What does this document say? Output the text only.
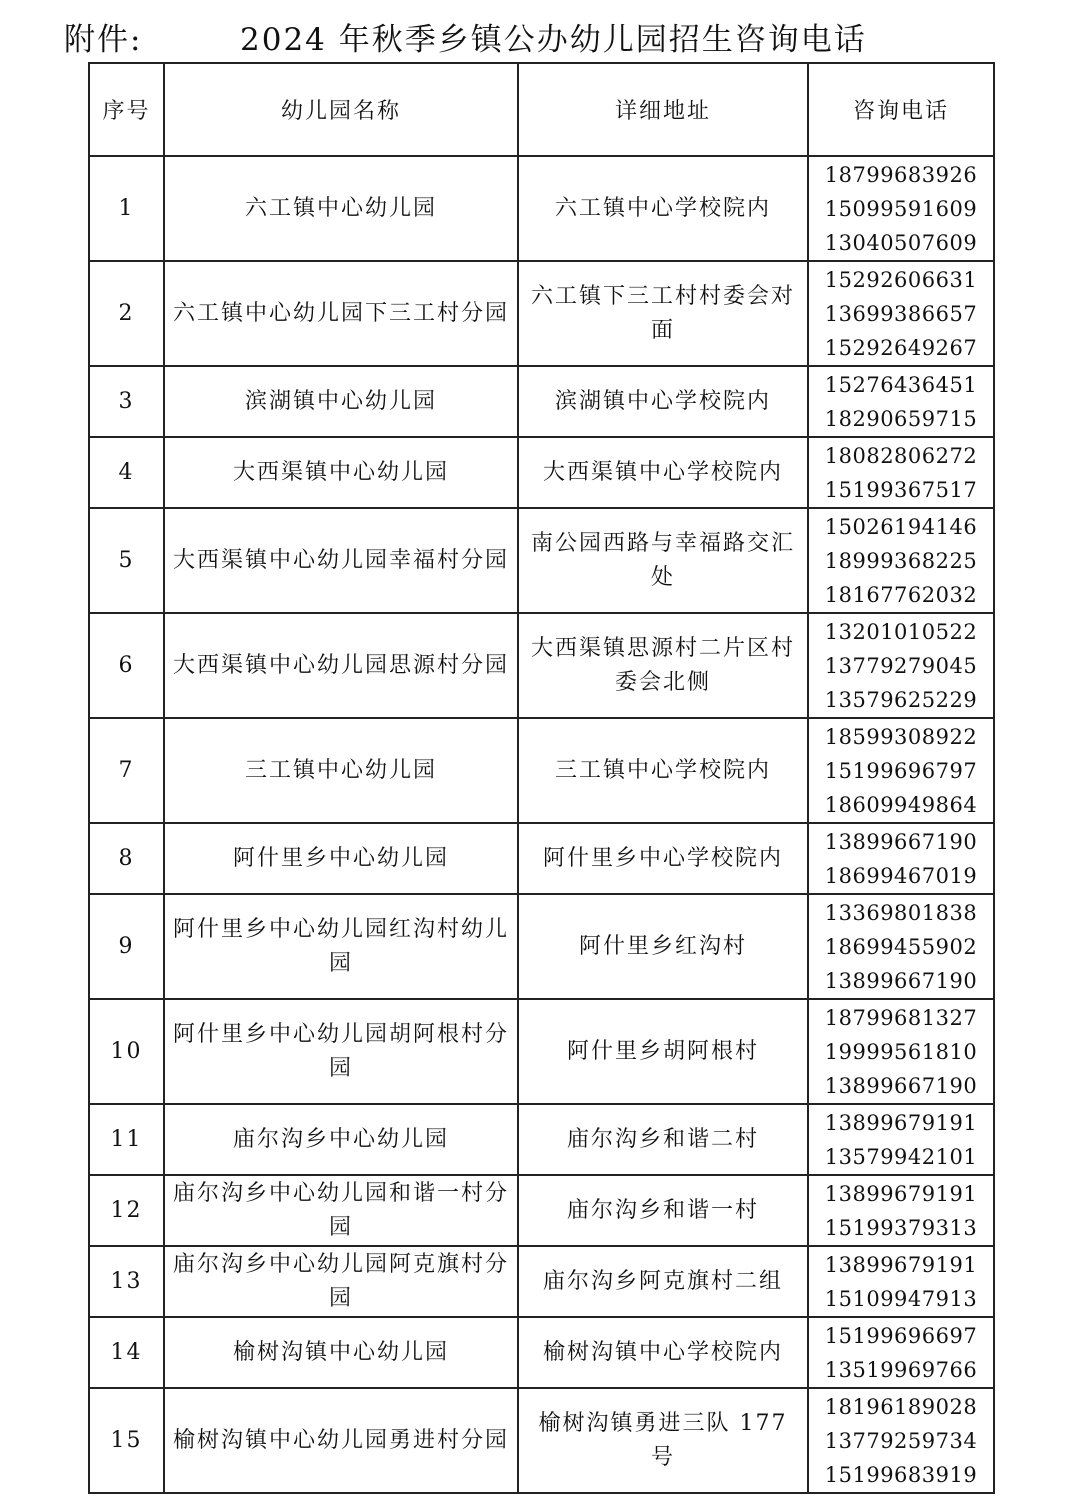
附件:	2024 年秋季乡镇公办幼儿园招生咨询电话
序号	幼儿园名称	详细地址	咨询电话
1	六工镇中心幼儿园	六工镇中心学校院内	18799683926
15099591609
13040507609

2	六工镇中心幼儿园下三工村分园	六工镇下三工村村委会对面	15292606631
13699386657
15292649267

3	滨湖镇中心幼儿园	滨湖镇中心学校院内	15276436451
18290659715

4	大西渠镇中心幼儿园	大西渠镇中心学校院内	18082806272
15199367517

5	大西渠镇中心幼儿园幸福村分园	南公园西路与幸福路交汇处	15026194146
18999368225
18167762032

6	大西渠镇中心幼儿园思源村分园	大西渠镇思源村二片区村委会北侧	13201010522
13779279045
13579625229

7	三工镇中心幼儿园	三工镇中心学校院内	18599308922
15199696797
18609949864

8	阿什里乡中心幼儿园	阿什里乡中心学校院内	13899667190
18699467019

9	阿什里乡中心幼儿园红沟村幼儿园	阿什里乡红沟村	13369801838
18699455902
13899667190

10	阿什里乡中心幼儿园胡阿根村分园	阿什里乡胡阿根村	18799681327
19999561810
13899667190

11	庙尔沟乡中心幼儿园	庙尔沟乡和谐二村	13899679191
13579942101

12	庙尔沟乡中心幼儿园和谐一村分园	庙尔沟乡和谐一村	13899679191
15199379313

13	庙尔沟乡中心幼儿园阿克旗村分园	庙尔沟乡阿克旗村二组	13899679191
15109947913

14	榆树沟镇中心幼儿园	榆树沟镇中心学校院内	15199696697
13519969766

15	榆树沟镇中心幼儿园勇进村分园	榆树沟镇勇进三队 177 号	18196189028
13779259734
15199683919
